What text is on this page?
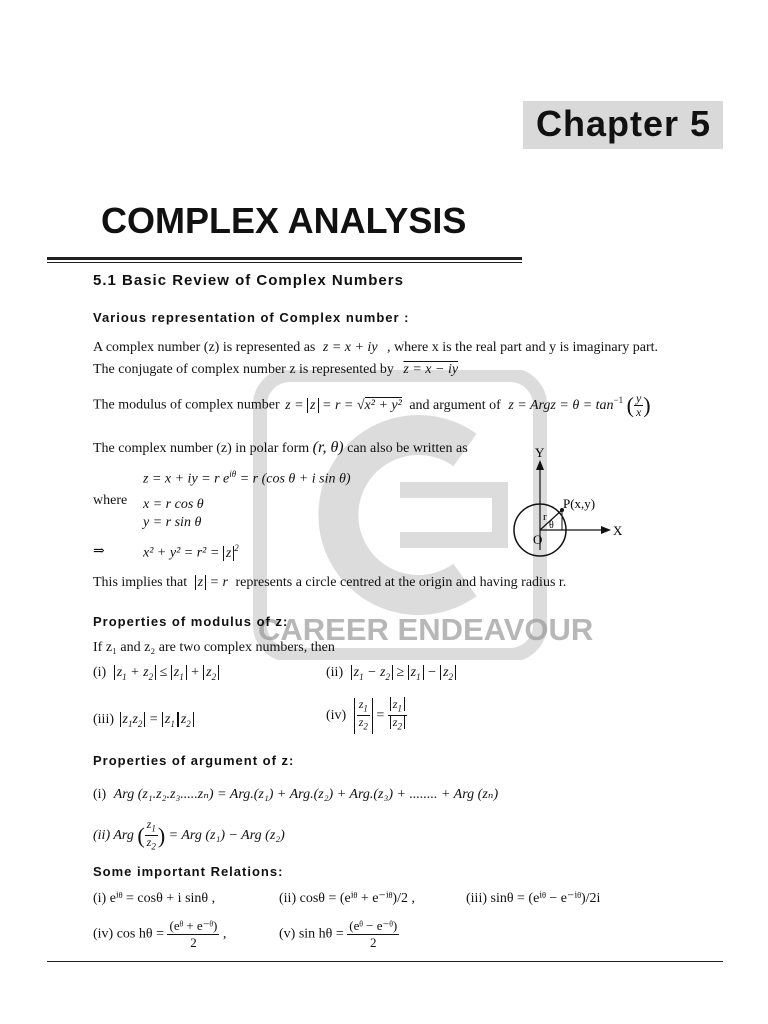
CAREER ENDEAVOUR
Chapter 5
COMPLEX ANALYSIS
5.1 Basic Review of Complex Numbers
Various representation of Complex number :
A complex number (z) is represented as z = x + iy , where x is the real part and y is imaginary part.
The conjugate of complex number z is represented by z = x − iy
The modulus of complex number z = z = r = √x² + y² and argument of z = Argz = $\theta = \tan^{-1}$ ( $\frac{y}{x}$ )
The complex number (z) in polar form (r, θ) can also be written as
z = x + iy = r $e^{i\theta} = r$ (cos θ + i sin θ)
where x = r cos θ
y = r sin θ
⇒	x² + y² = r² = z $^2$
This implies that z = r represents a circle centred at the origin and having radius r.
Y
X
O
P(x,y)
r
θ
Properties of modulus of z:
If z₁ and z₂ are two complex numbers, then
(i) $z_1 + z_2 \le z_1 + z_2$	(ii) $z_1 - z_2 \ge z_1 - z_2$
(iii) $z_1z_2 = z_1$ $z_2$
$(iv) \frac{z_1}{z_2} = \frac{z_1}{z_2}$
Properties of argument of z:
(i) Arg (z₁.z₂.z₃.....zₙ) = Arg.(z₁) + Arg.(z₂) + Arg.(z₃) + ........ + Arg (zₙ)
(ii) Arg ( $\frac{z_1}{z_2}$ ) = Arg (z₁) − Arg (z₂)
Some important Relations:
(i) eⁱᶿ = cosθ + i sinθ ,	(ii) cosθ = (eⁱᶿ + e⁻ⁱᶿ)/2 ,	(iii) sinθ = (eⁱᶿ − e⁻ⁱᶿ)/2i
(iv) $\cos h\theta = \frac{\text{(eᶿ + e⁻ᶿ)}}{2}$ ,	(v) $\sin h\theta = \frac{\text{(eᶿ − e⁻ᶿ)}}{2}$
